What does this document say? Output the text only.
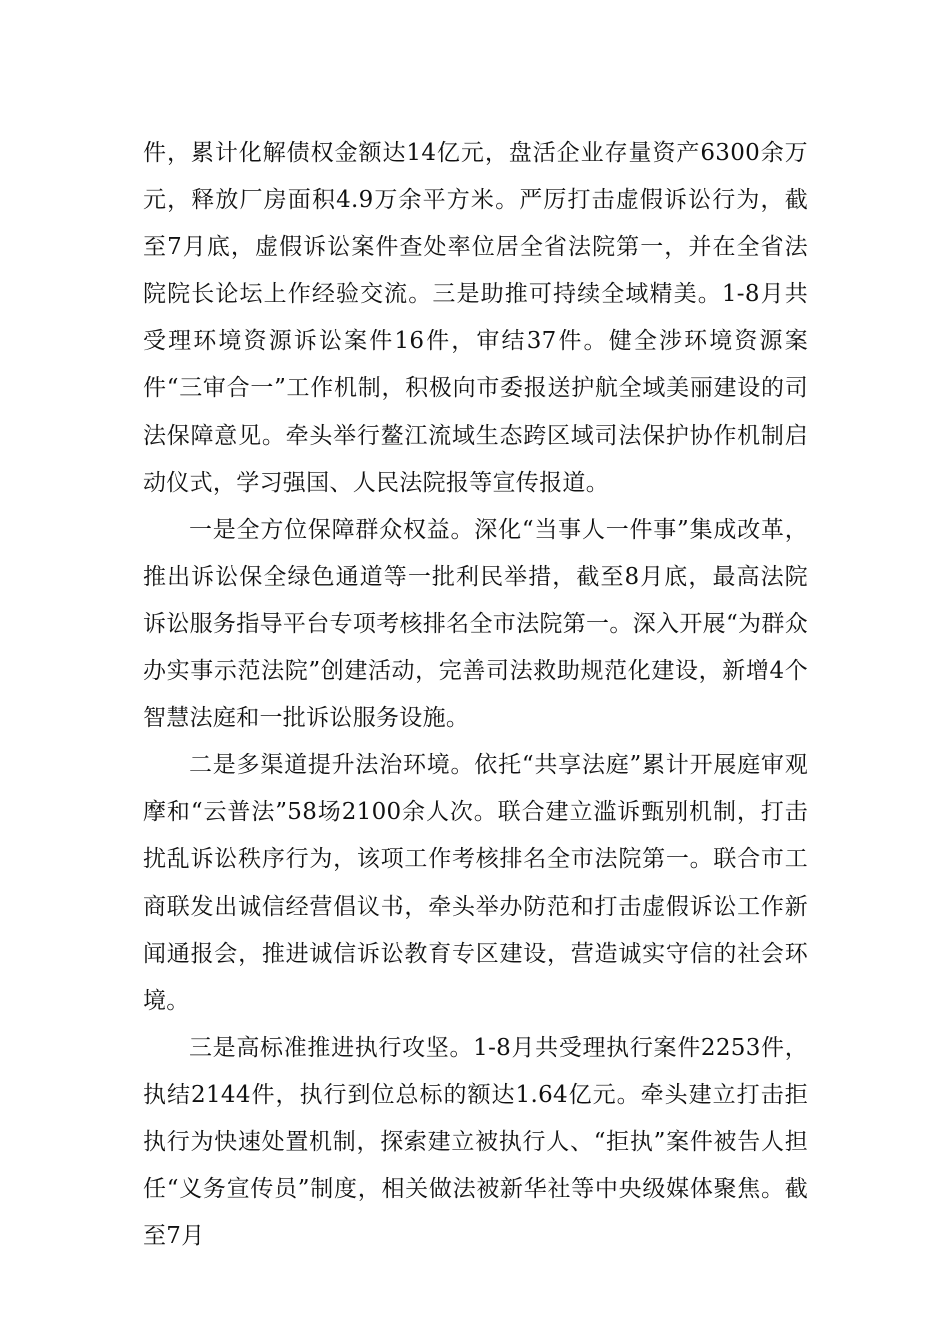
件，累计化解债权金额达14亿元，盘活企业存量资产6300余万元，释放厂房面积4.9万余平方米。严厉打击虚假诉讼行为，截至7月底，虚假诉讼案件查处率位居全省法院第一，并在全省法院院长论坛上作经验交流。三是助推可持续全域精美。1-8月共受理环境资源诉讼案件16件，审结37件。健全涉环境资源案件“三审合一”工作机制，积极向市委报送护航全域美丽建设的司法保障意见。牵头举行鳌江流域生态跨区域司法保护协作机制启动仪式，学习强国、人民法院报等宣传报道。

一是全方位保障群众权益。深化“当事人一件事”集成改革，推出诉讼保全绿色通道等一批利民举措，截至8月底，最高法院诉讼服务指导平台专项考核排名全市法院第一。深入开展“为群众办实事示范法院”创建活动，完善司法救助规范化建设，新增4个智慧法庭和一批诉讼服务设施。

二是多渠道提升法治环境。依托“共享法庭”累计开展庭审观摩和“云普法”58场2100余人次。联合建立滥诉甄别机制，打击扰乱诉讼秩序行为，该项工作考核排名全市法院第一。联合市工商联发出诚信经营倡议书，牵头举办防范和打击虚假诉讼工作新闻通报会，推进诚信诉讼教育专区建设，营造诚实守信的社会环境。

三是高标准推进执行攻坚。1-8月共受理执行案件2253件，执结2144件，执行到位总标的额达1.64亿元。牵头建立打击拒执行为快速处置机制，探索建立被执行人、“拒执”案件被告人担任“义务宣传员”制度，相关做法被新华社等中央级媒体聚焦。截至7月
